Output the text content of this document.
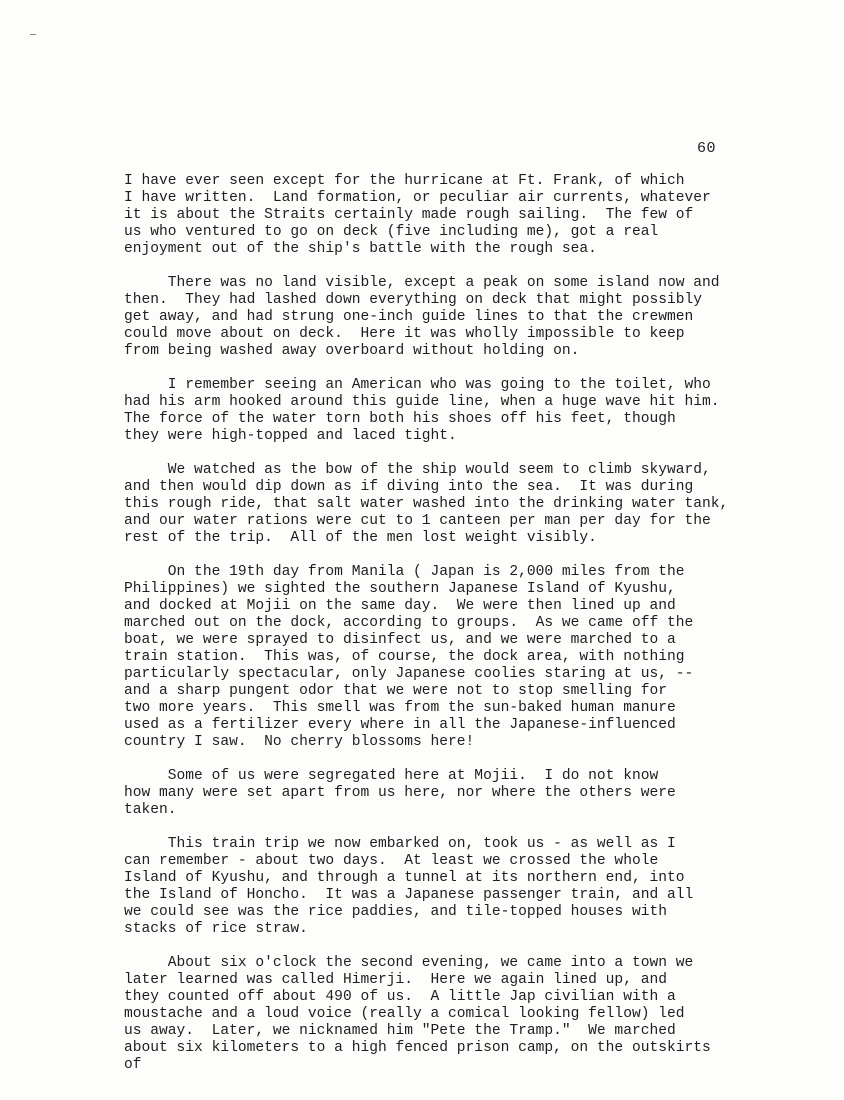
60
I have ever seen except for the hurricane at Ft. Frank, of which
I have written.  Land formation, or peculiar air currents, whatever
it is about the Straits certainly made rough sailing.  The few of
us who ventured to go on deck (five including me), got a real
enjoyment out of the ship's battle with the rough sea.
There was no land visible, except a peak on some island now and
then.  They had lashed down everything on deck that might possibly
get away, and had strung one-inch guide lines to that the crewmen
could move about on deck.  Here it was wholly impossible to keep
from being washed away overboard without holding on.
I remember seeing an American who was going to the toilet, who
had his arm hooked around this guide line, when a huge wave hit him.
The force of the water torn both his shoes off his feet, though
they were high-topped and laced tight.
We watched as the bow of the ship would seem to climb skyward,
and then would dip down as if diving into the sea.  It was during
this rough ride, that salt water washed into the drinking water tank,
and our water rations were cut to 1 canteen per man per day for the
rest of the trip.  All of the men lost weight visibly.
On the 19th day from Manila ( Japan is 2,000 miles from the
Philippines) we sighted the southern Japanese Island of Kyushu,
and docked at Mojii on the same day.  We were then lined up and
marched out on the dock, according to groups.  As we came off the
boat, we were sprayed to disinfect us, and we were marched to a
train station.  This was, of course, the dock area, with nothing
particularly spectacular, only Japanese coolies staring at us, --
and a sharp pungent odor that we were not to stop smelling for
two more years.  This smell was from the sun-baked human manure
used as a fertilizer every where in all the Japanese-influenced
country I saw.  No cherry blossoms here!
Some of us were segregated here at Mojii.  I do not know
how many were set apart from us here, nor where the others were
taken.
This train trip we now embarked on, took us - as well as I
can remember - about two days.  At least we crossed the whole
Island of Kyushu, and through a tunnel at its northern end, into
the Island of Honcho.  It was a Japanese passenger train, and all
we could see was the rice paddies, and tile-topped houses with
stacks of rice straw.
About six o'clock the second evening, we came into a town we
later learned was called Himerji.  Here we again lined up, and
they counted off about 490 of us.  A little Jap civilian with a
moustache and a loud voice (really a comical looking fellow) led
us away.  Later, we nicknamed him "Pete the Tramp."  We marched
about six kilometers to a high fenced prison camp, on the outskirts
of
